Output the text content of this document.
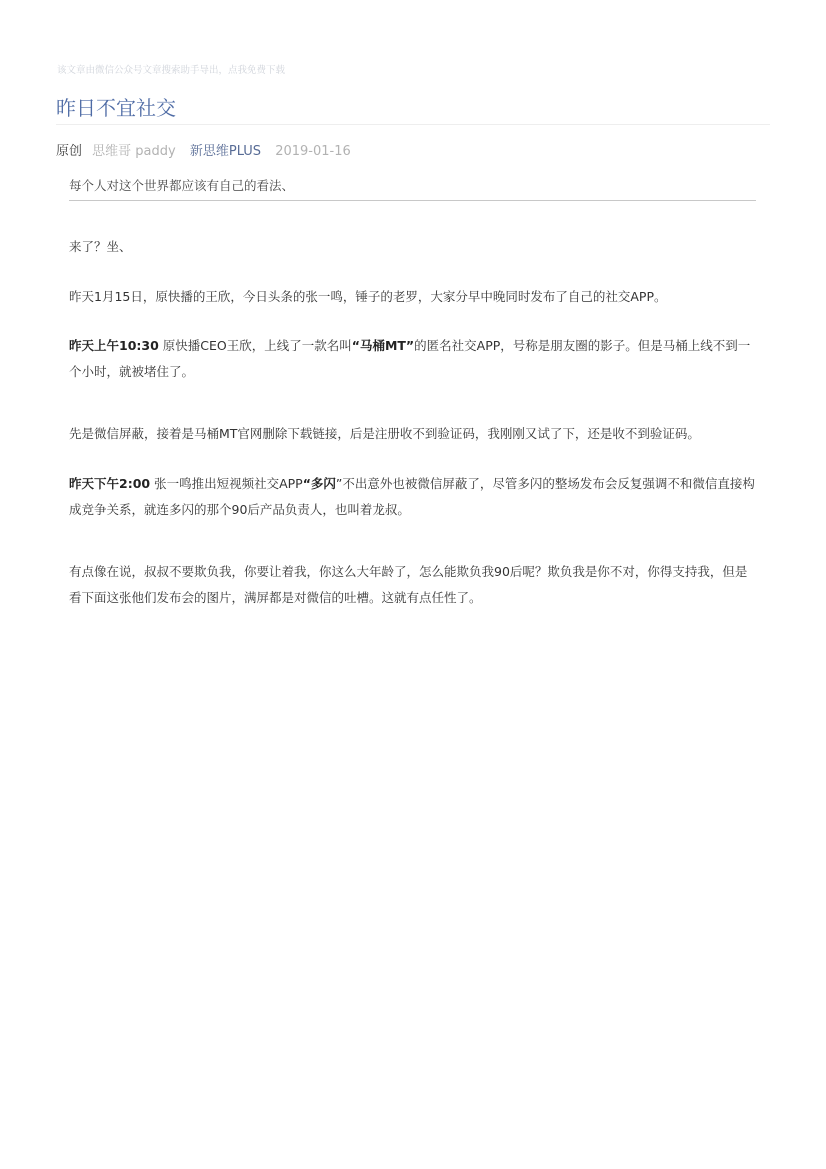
该文章由微信公众号文章搜索助手导出，点我免费下载
昨日不宜社交
原创 思维哥 paddy 新思维PLUS 2019-01-16
每个人对这个世界都应该有自己的看法、

来了？坐、

昨天1月15日，原快播的王欣，今日头条的张一鸣，锤子的老罗，大家分早中晚同时发布了自己的社交APP。

昨天上午10:30 原快播CEO王欣，上线了一款名叫“马桶MT”的匿名社交APP，号称是朋友圈的影子。但是马桶上线不到一个小时，就被堵住了。

先是微信屏蔽，接着是马桶MT官网删除下载链接，后是注册收不到验证码，我刚刚又试了下，还是收不到验证码。

昨天下午2:00 张一鸣推出短视频社交APP“多闪”不出意外也被微信屏蔽了，尽管多闪的整场发布会反复强调不和微信直接构成竞争关系，就连多闪的那个90后产品负责人，也叫着龙叔。

有点像在说，叔叔不要欺负我，你要让着我，你这么大年龄了，怎么能欺负我90后呢？欺负我是你不对，你得支持我，但是看下面这张他们发布会的图片，满屏都是对微信的吐槽。这就有点任性了。
